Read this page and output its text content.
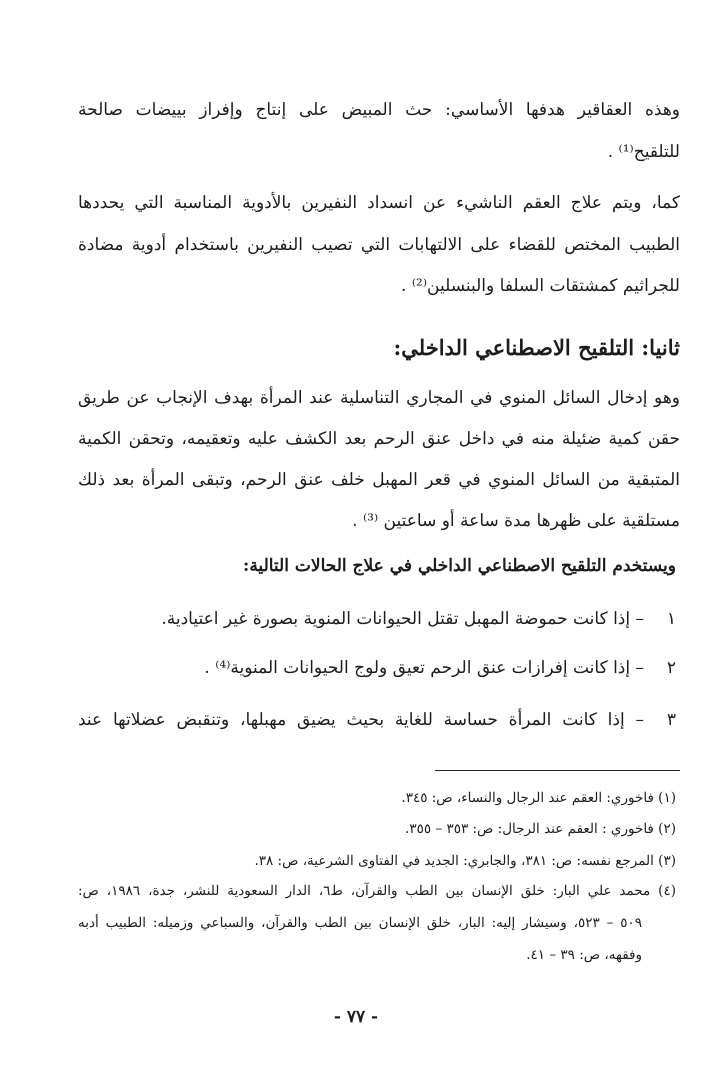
وهذه العقاقير هدفها الأساسي: حث المبيض على إنتاج وإفراز بييضات صالحة
للتلقيح⁽¹⁾ .
كما، ويتم علاج العقم الناشيء عن انسداد النفيرين بالأدوية المناسبة التي يحددها
الطبيب المختص للقضاء على الالتهابات التي تصيب النفيرين باستخدام أدوية مضادة
للجراثيم كمشتقات السلفا والبنسلين⁽²⁾ .
ثانيا: التلقيح الاصطناعي الداخلي:
وهو إدخال السائل المنوي في المجاري التناسلية عند المرأة بهدف الإنجاب عن طريق
حقن كمية ضئيلة منه في داخل عنق الرحم بعد الكشف عليه وتعقيمه، وتحقن الكمية
المتبقية من السائل المنوي في قعر المهبل خلف عنق الرحم، وتبقى المرأة بعد ذلك
مستلقية على ظهرها مدة ساعة أو ساعتين ⁽³⁾ .
ويستخدم التلقيح الاصطناعي الداخلي في علاج الحالات التالية:
١
– إذا كانت حموضة المهبل تقتل الحيوانات المنوية بصورة غير اعتيادية.
٢
– إذا كانت إفرازات عنق الرحم تعيق ولوج الحيوانات المنوية⁽⁴⁾ .
٣
– إذا كانت المرأة حساسة للغاية بحيث يضيق مهبلها، وتنقبض عضلاتها عند
(١) فاخوري: العقم عند الرجال والنساء، ص: ٣٤٥.
(٢) فاخوري : العقم عند الرجال: ص: ٣٥٣ – ٣٥٥.
(٣) المرجع نفسه: ص: ٣٨١، والجابري: الجديد في الفتاوى الشرعية، ص: ٣٨.
(٤) محمد علي البار: خلق الإنسان بين الطب والقرآن، ط٦، الدار السعودية للنشر، جدة، ١٩٨٦، ص:
٥٠٩ – ٥٢٣، وسيشار إليه: البار، خلق الإنسان بين الطب والقرآن، والسباعي وزميله: الطبيب أدبه
وفقهه، ص: ٣٩ – ٤١.
- ٧٧ -
